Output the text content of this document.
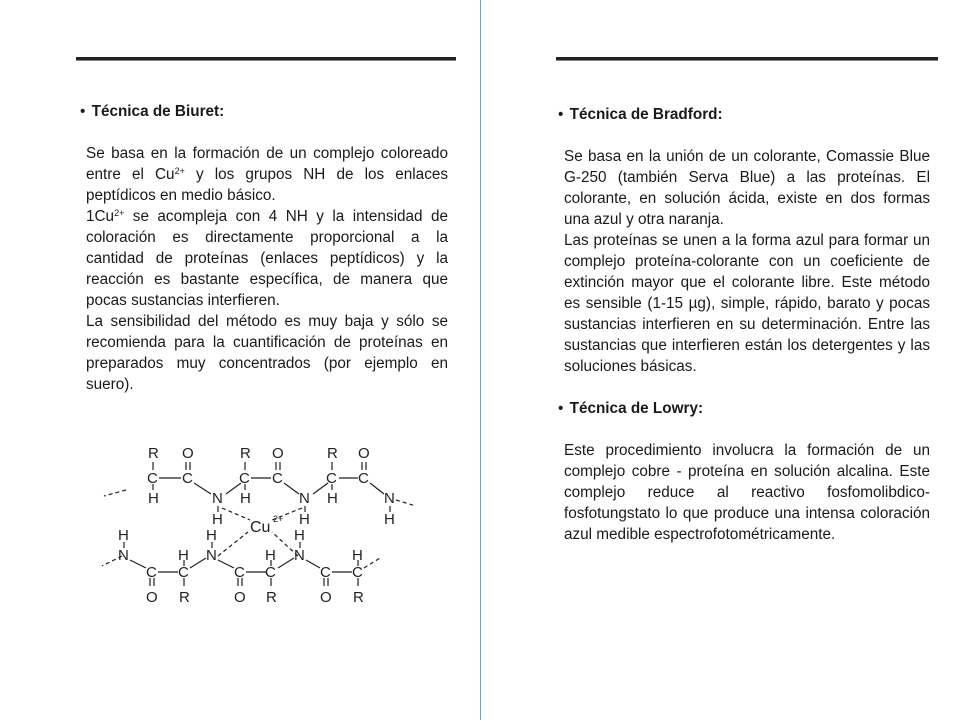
• Técnica de Biuret:

Se basa en la formación de un complejo coloreado entre el $Cu^{2+}$ y los grupos NH de los enlaces peptídicos en medio básico.

$1Cu^{2+}$ se acompleja con 4 NH y la intensidad de coloración es directamente proporcional a la cantidad de proteínas (enlaces peptídicos) y la reacción es bastante específica, de manera que pocas sustancias interfieren.

La sensibilidad del método es muy baja y sólo se recomienda para la cuantificación de proteínas en preparados muy concentrados (por ejemplo en suero).

R O	R O	R O
C C	C C	C C
H	H	H
N	N	N
H	H	H
Cu 2+
H	H	H
N	N	N
H	H	H
C C	C C	C C
O R	O R	O R
• Técnica de Bradford:

Se basa en la unión de un colorante, Comassie Blue G-250 (también Serva Blue) a las proteínas. El colorante, en solución ácida, existe en dos formas una azul y otra naranja.

Las proteínas se unen a la forma azul para formar un complejo proteína-colorante con un coeficiente de extinción mayor que el colorante libre. Este método es sensible (1-15 µg), simple, rápido, barato y pocas sustancias interfieren en su determinación. Entre las sustancias que interfieren están los detergentes y las soluciones básicas.

• Técnica de Lowry:

Este procedimiento involucra la formación de un complejo cobre - proteína en solución alcalina. Este complejo reduce al reactivo fosfomolibdico- fosfotungstato lo que produce una intensa coloración azul medible espectrofotométricamente.
